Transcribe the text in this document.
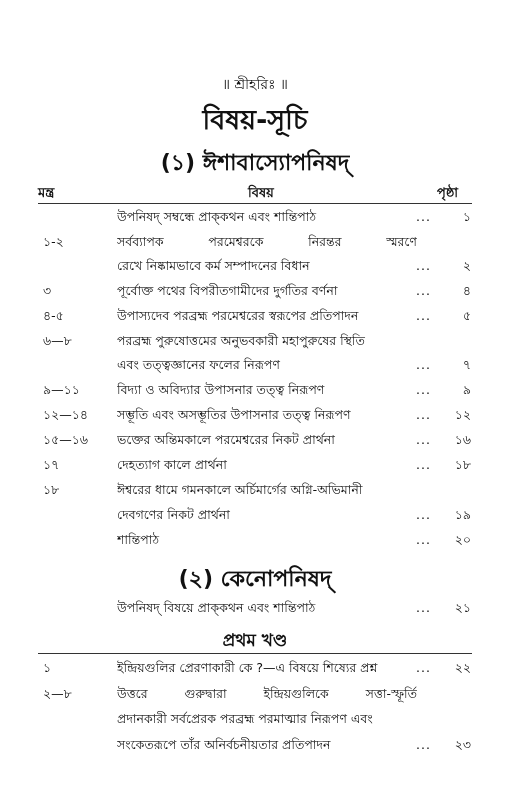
॥ শ্রীহরিঃ ॥
বিষয়-সূচি
(১) ঈশাবাস্যোপনিষদ্
মন্ত্র	বিষয়	পৃষ্ঠা
উপনিষদ্ সম্বন্ধে প্রাক্‌কথন এবং শান্তিপাঠ	...	১
১-২	সর্বব্যাপক পরমেশ্বরকে নিরন্তর স্মরণে
রেখে নিষ্কামভাবে কর্ম সম্পাদনের বিধান	...	২
৩	পূর্বোক্ত পথের বিপরীতগামীদের দুর্গতির বর্ণনা	...	৪
৪-৫	উপাস্যদেব পরব্রহ্ম পরমেশ্বরের স্বরূপের প্রতিপাদন	...	৫
৬—৮	পরব্রহ্ম পুরুষোত্তমের অনুভবকারী মহাপুরুষের স্থিতি
এবং তত্ত্বজ্ঞানের ফলের নিরূপণ	...	৭
৯—১১	বিদ্যা ও অবিদ্যার উপাসনার তত্ত্ব নিরূপণ	...	৯
১২—১৪ সম্ভূতি এবং অসম্ভূতির উপাসনার তত্ত্ব নিরূপণ	...	১২
১৫—১৬ ভক্তের অন্তিমকালে পরমেশ্বরের নিকট প্রার্থনা	...	১৬
১৭	দেহত্যাগ কালে প্রার্থনা	...	১৮
১৮	ঈশ্বরের ধামে গমনকালে অর্চিমার্গের অগ্নি-অভিমানী
দেবগণের নিকট প্রার্থনা	...	১৯
শান্তিপাঠ	...	২০
(২) কেনোপনিষদ্
উপনিষদ্ বিষয়ে প্রাক্‌কথন এবং শান্তিপাঠ	...	২১
প্রথম খণ্ড
১	ইন্দ্রিয়গুলির প্রেরণাকারী কে ?—এ বিষয়ে শিষ্যের প্রশ্ন	...	২২
২—৮	উত্তরে গুরুদ্বারা ইন্দ্রিয়গুলিকে সত্তা-স্ফূর্তি
প্রদানকারী সর্বপ্রেরক পরব্রহ্ম পরমাত্মার নিরূপণ এবং
সংকেতরূপে তাঁর অনির্বচনীয়তার প্রতিপাদন	...	২৩
